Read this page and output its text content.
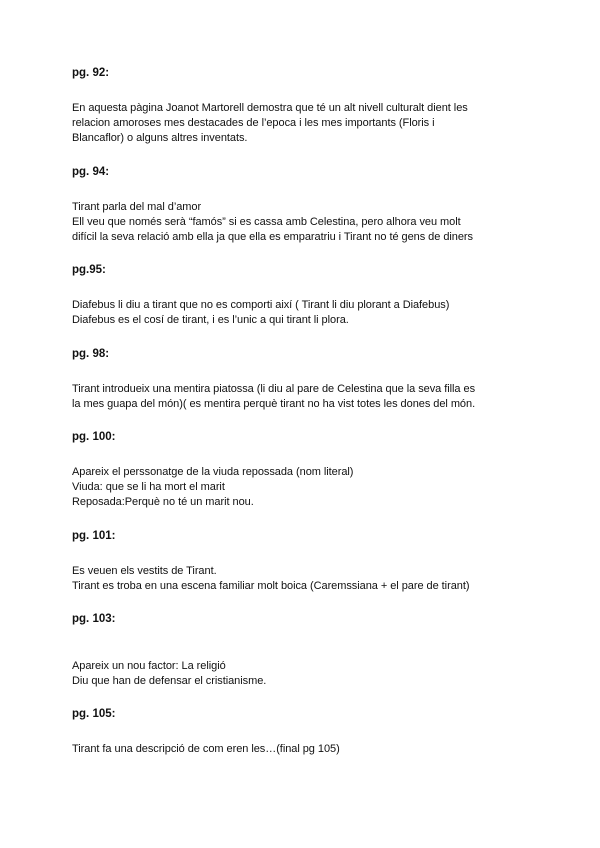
pg. 92:
En aquesta pàgina Joanot Martorell demostra que té un alt nivell culturalt dient les
relacion amoroses mes destacades de l’epoca i les mes importants (Floris i
Blancaflor) o alguns altres inventats.
pg. 94:
Tirant parla del mal d’amor
Ell veu que només serà “famós” si es cassa amb Celestina, pero alhora veu molt
difícil la seva relació amb ella ja que ella es emparatriu i Tirant no té gens de diners
pg.95:
Diafebus li diu a tirant que no es comporti així ( Tirant li diu plorant a Diafebus)
Diafebus es el cosí de tirant, i es l’unic a qui tirant li plora.
pg. 98:
Tirant introdueix una mentira piatossa (li diu al pare de Celestina que la seva filla es
la mes guapa del món)( es mentira perquè tirant no ha vist totes les dones del món.
pg. 100:
Apareix el perssonatge de la viuda repossada (nom literal)
Viuda: que se li ha mort el marit
Reposada:Perquè no té un marit nou.
pg. 101:
Es veuen els vestits de Tirant.
Tirant es troba en una escena familiar molt boica (Caremssiana + el pare de tirant)
pg. 103:
Apareix un nou factor: La religió
Diu que han de defensar el cristianisme.
pg. 105:
Tirant fa una descripció de com eren les…(final pg 105)
